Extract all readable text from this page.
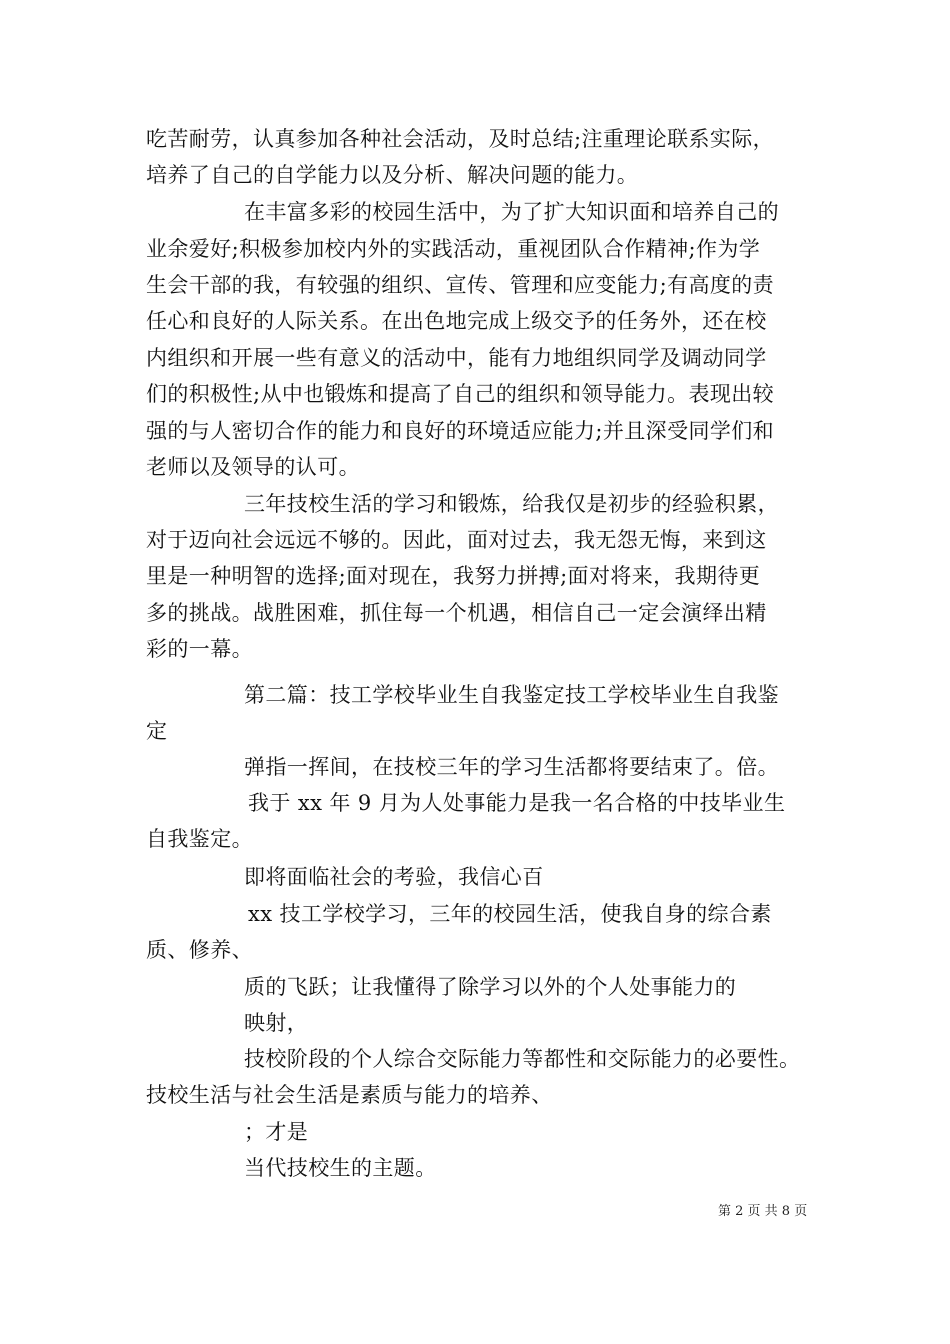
吃苦耐劳，认真参加各种社会活动，及时总结;注重理论联系实际，
培养了自己的自学能力以及分析、解决问题的能力。
在丰富多彩的校园生活中，为了扩大知识面和培养自己的
业余爱好;积极参加校内外的实践活动，重视团队合作精神;作为学
生会干部的我，有较强的组织、宣传、管理和应变能力;有高度的责
任心和良好的人际关系。在出色地完成上级交予的任务外，还在校
内组织和开展一些有意义的活动中，能有力地组织同学及调动同学
们的积极性;从中也锻炼和提高了自己的组织和领导能力。表现出较
强的与人密切合作的能力和良好的环境适应能力;并且深受同学们和
老师以及领导的认可。
三年技校生活的学习和锻炼，给我仅是初步的经验积累，
对于迈向社会远远不够的。因此，面对过去，我无怨无悔，来到这
里是一种明智的选择;面对现在，我努力拼搏;面对将来，我期待更
多的挑战。战胜困难，抓住每一个机遇，相信自己一定会演绎出精
彩的一幕。
第二篇：技工学校毕业生自我鉴定技工学校毕业生自我鉴
定
弹指一挥间，在技校三年的学习生活都将要结束了。倍。
我于 xx 年 9 月为人处事能力是我一名合格的中技毕业生
自我鉴定。
即将面临社会的考验，我信心百
xx 技工学校学习，三年的校园生活，使我自身的综合素
质、修养、
质的飞跃；让我懂得了除学习以外的个人处事能力的
映射，
技校阶段的个人综合交际能力等都性和交际能力的必要性。
技校生活与社会生活是素质与能力的培养、
；才是
当代技校生的主题。
第 2 页 共 8 页
